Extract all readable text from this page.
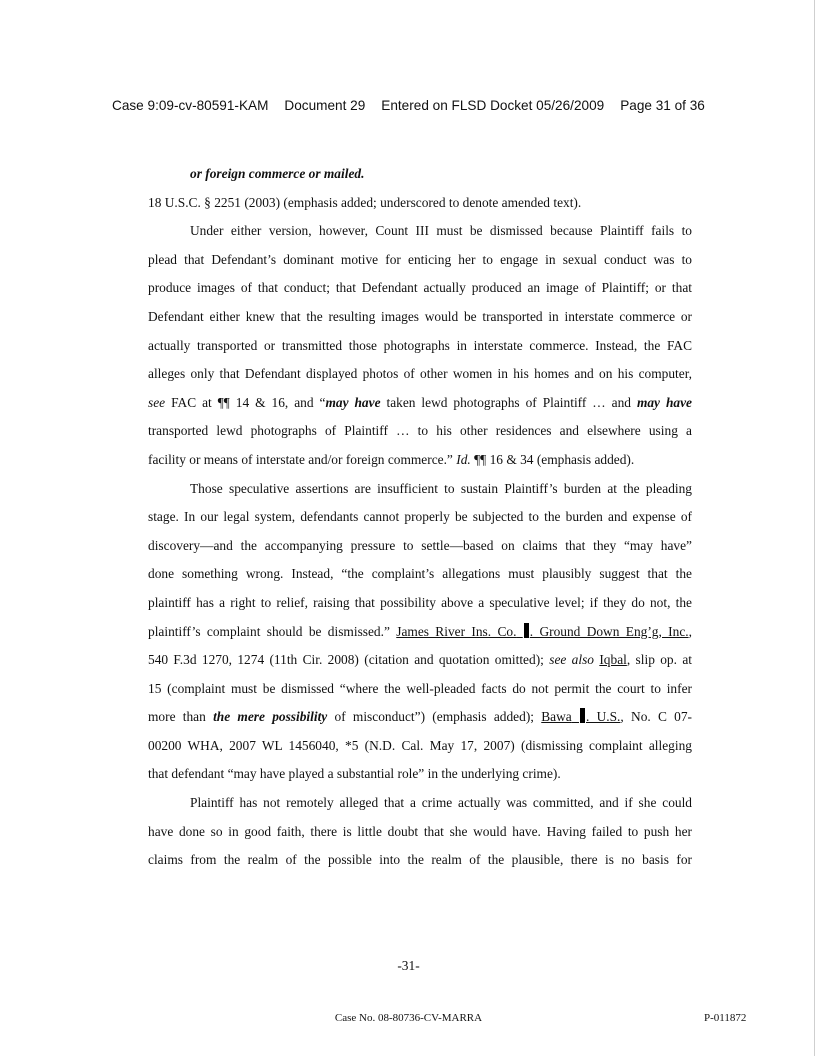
Case 9:09-cv-80591-KAM Document 29 Entered on FLSD Docket 05/26/2009 Page 31 of 36
or foreign commerce or mailed.
18 U.S.C. § 2251 (2003) (emphasis added; underscored to denote amended text).
Under either version, however, Count III must be dismissed because Plaintiff fails to
plead that Defendant’s dominant motive for enticing her to engage in sexual conduct was to
produce images of that conduct; that Defendant actually produced an image of Plaintiff; or that
Defendant either knew that the resulting images would be transported in interstate commerce or
actually transported or transmitted those photographs in interstate commerce. Instead, the FAC
alleges only that Defendant displayed photos of other women in his homes and on his computer,
see FAC at ¶¶ 14 & 16, and “may have taken lewd photographs of Plaintiff … and may have
transported lewd photographs of Plaintiff … to his other residences and elsewhere using a
facility or means of interstate and/or foreign commerce.” Id. ¶¶ 16 & 34 (emphasis added).
Those speculative assertions are insufficient to sustain Plaintiff’s burden at the pleading
stage. In our legal system, defendants cannot properly be subjected to the burden and expense of
discovery—and the accompanying pressure to settle—based on claims that they “may have”
done something wrong. Instead, “the complaint’s allegations must plausibly suggest that the
plaintiff has a right to relief, raising that possibility above a speculative level; if they do not, the
plaintiff’s complaint should be dismissed.” James River Ins. Co. . Ground Down Eng’g, Inc.,
540 F.3d 1270, 1274 (11th Cir. 2008) (citation and quotation omitted); see also Iqbal, slip op. at
15 (complaint must be dismissed “where the well-pleaded facts do not permit the court to infer
more than the mere possibility of misconduct”) (emphasis added); Bawa . U.S., No. C 07-
00200 WHA, 2007 WL 1456040, *5 (N.D. Cal. May 17, 2007) (dismissing complaint alleging
that defendant “may have played a substantial role” in the underlying crime).
Plaintiff has not remotely alleged that a crime actually was committed, and if she could
have done so in good faith, there is little doubt that she would have. Having failed to push her
claims from the realm of the possible into the realm of the plausible, there is no basis for
-31-
Case No. 08-80736-CV-MARRA	P-011872
